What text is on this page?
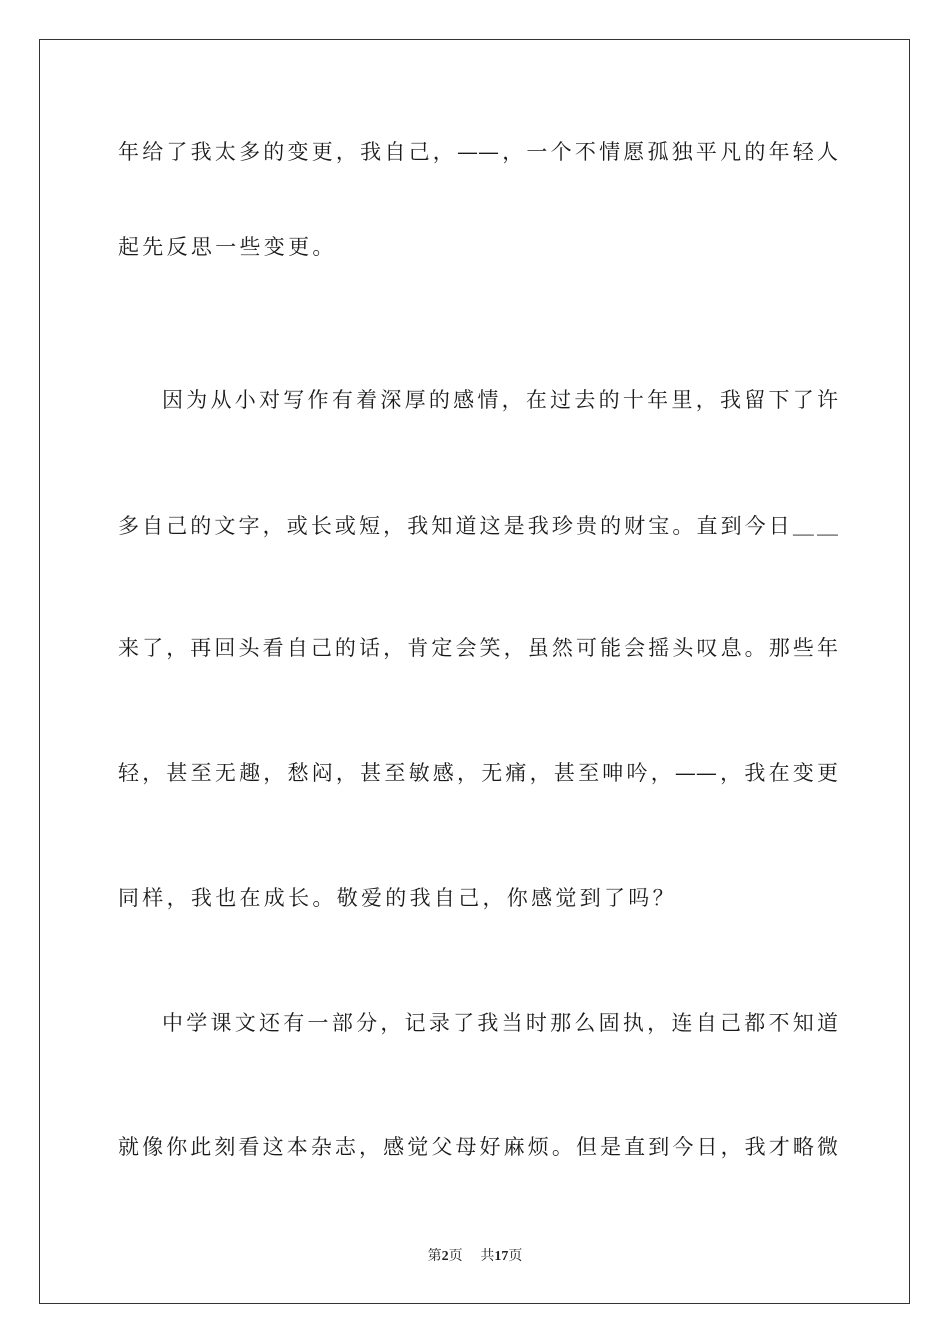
年给了我太多的变更，我自己，——，一个不情愿孤独平凡的年轻人
起先反思一些变更。
因为从小对写作有着深厚的感情，在过去的十年里，我留下了许
多自己的文字，或长或短，我知道这是我珍贵的财宝。直到今日＿＿
来了，再回头看自己的话，肯定会笑，虽然可能会摇头叹息。那些年
轻，甚至无趣，愁闷，甚至敏感，无痛，甚至呻吟，——，我在变更
同样，我也在成长。敬爱的我自己，你感觉到了吗？
中学课文还有一部分，记录了我当时那么固执，连自己都不知道
就像你此刻看这本杂志，感觉父母好麻烦。但是直到今日，我才略微
第2页 共17页
